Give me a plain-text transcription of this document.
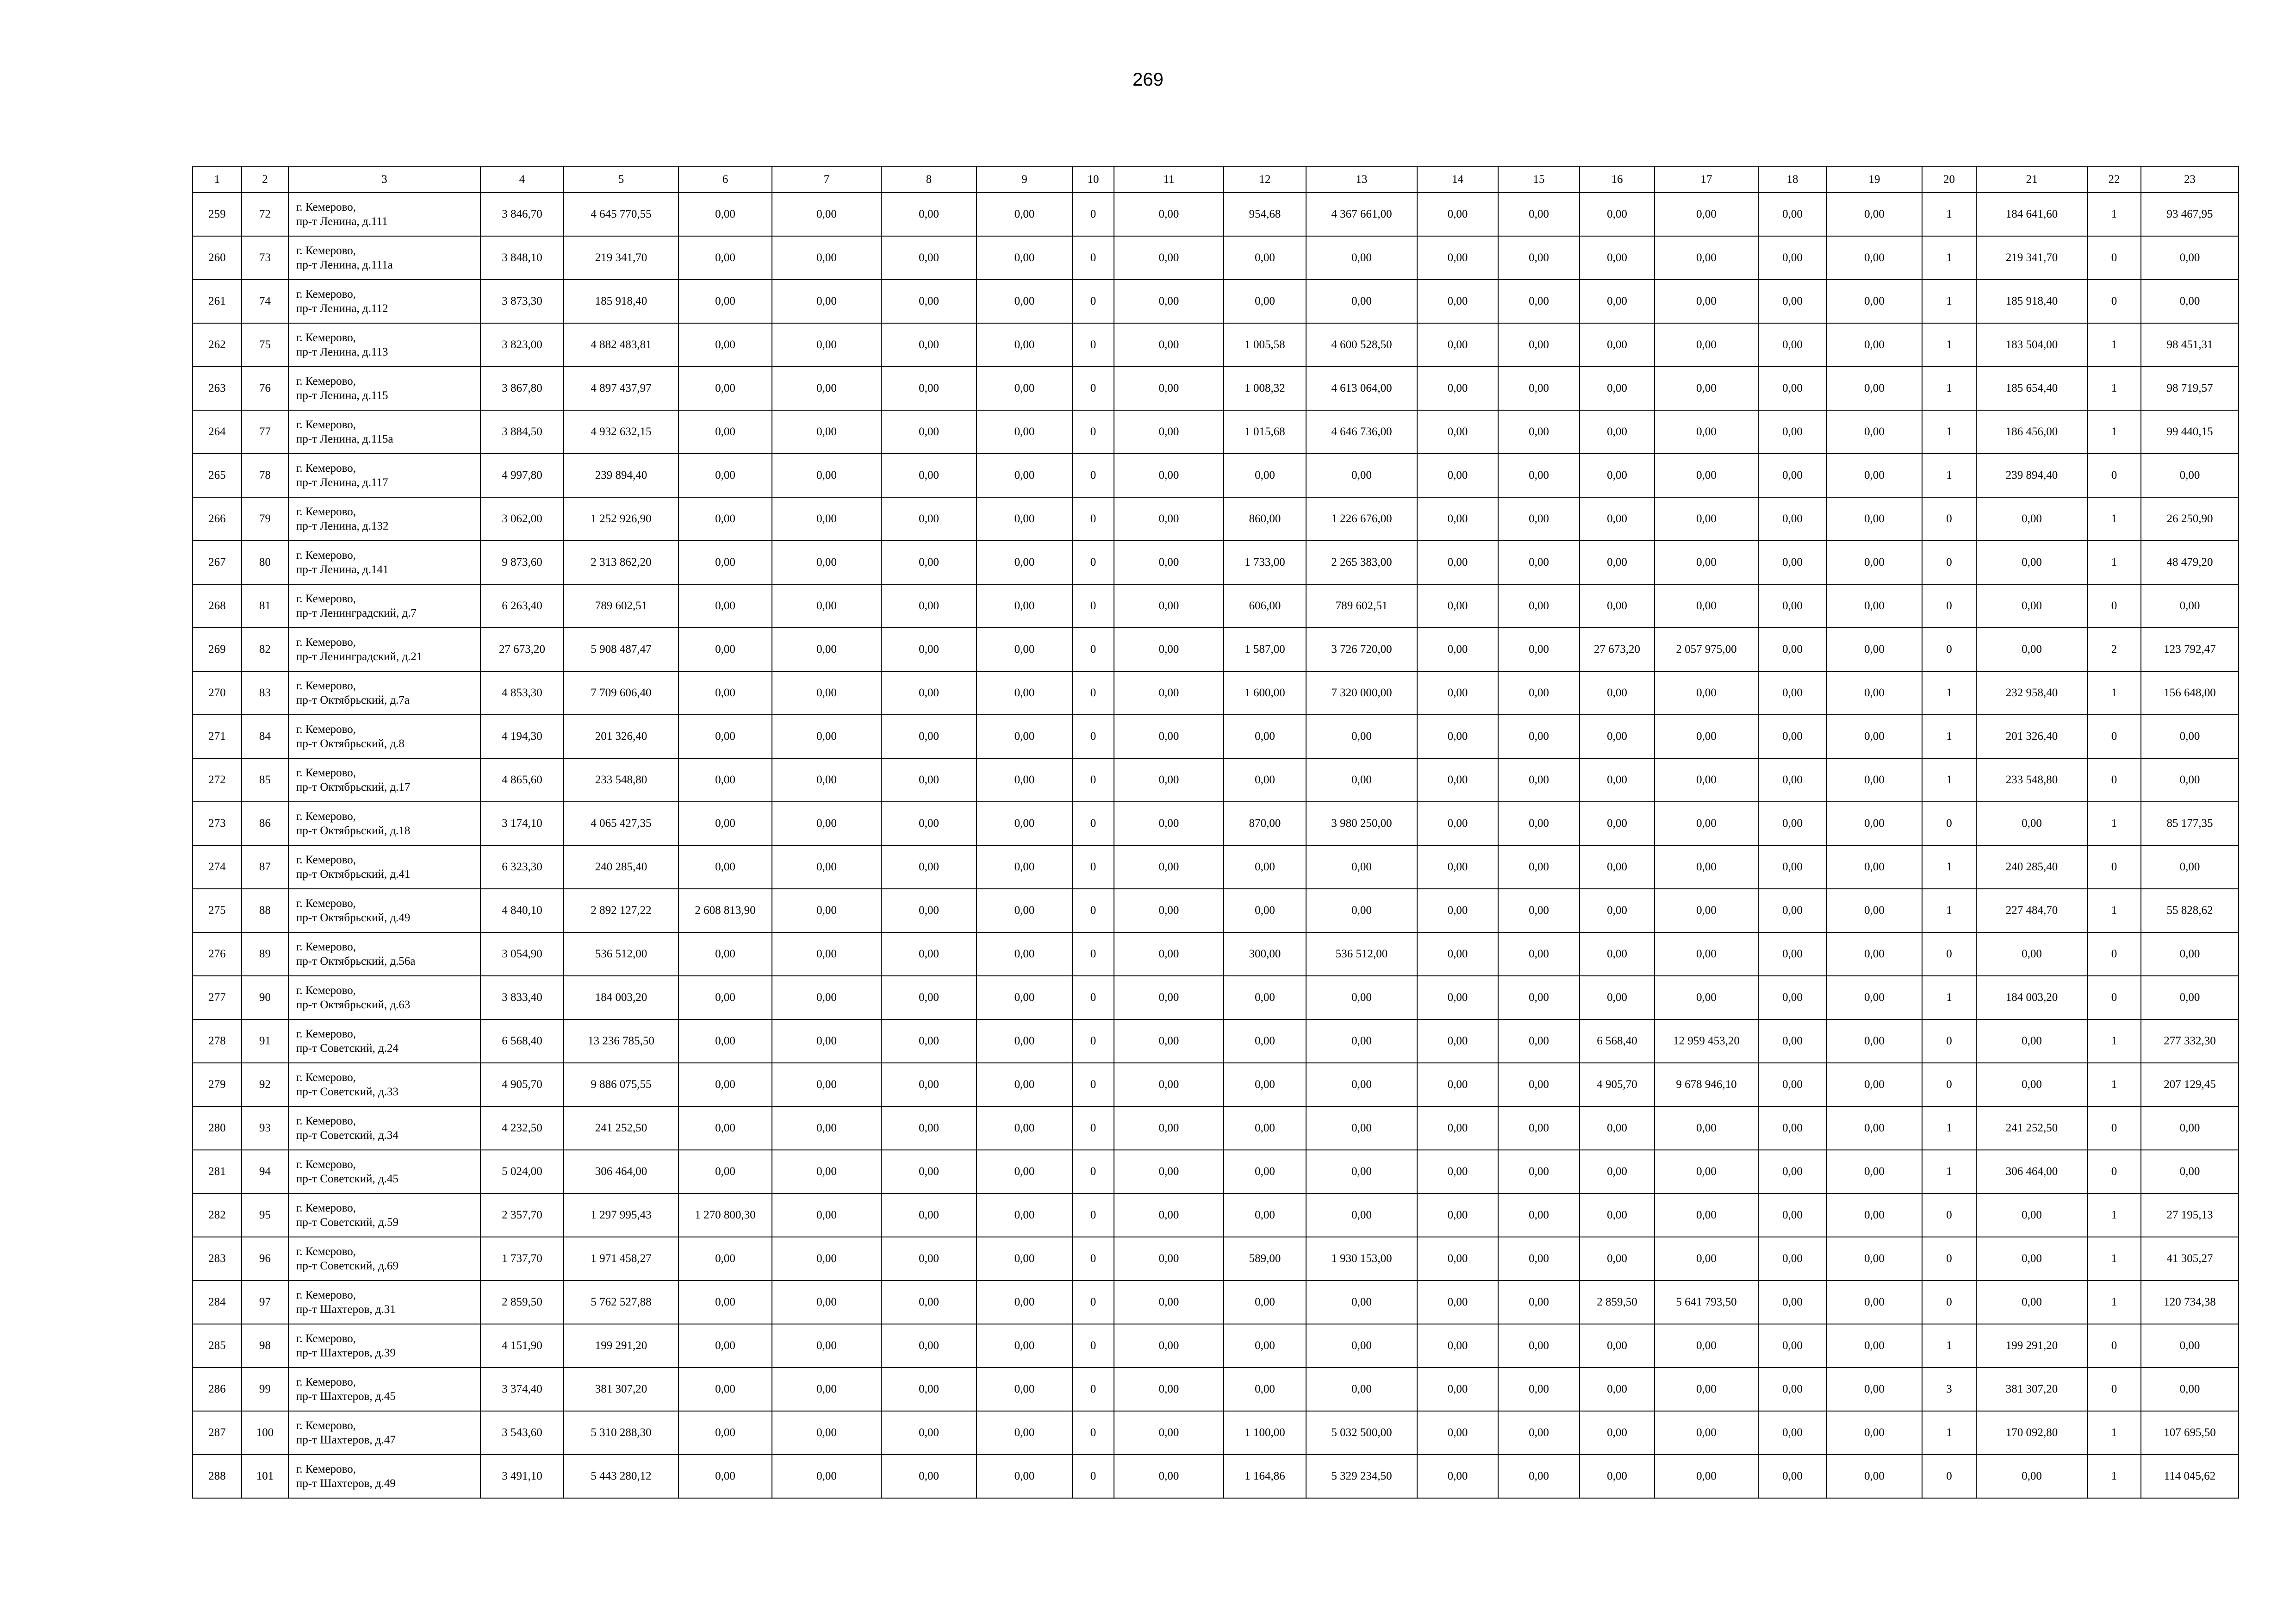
269
1	2	3	4	5	6	7	8	9	10	11	12	13	14	15	16	17	18	19	20	21	22	23
259	72	г. Кемерово,
пр-т Ленина, д.111	3 846,70	4 645 770,55	0,00	0,00	0,00	0,00	0	0,00	954,68	4 367 661,00	0,00	0,00	0,00	0,00	0,00	0,00	1	184 641,60	1	93 467,95
260	73	г. Кемерово,
пр-т Ленина, д.111а	3 848,10	219 341,70	0,00	0,00	0,00	0,00	0	0,00	0,00	0,00	0,00	0,00	0,00	0,00	0,00	0,00	1	219 341,70	0	0,00
261	74	г. Кемерово,
пр-т Ленина, д.112	3 873,30	185 918,40	0,00	0,00	0,00	0,00	0	0,00	0,00	0,00	0,00	0,00	0,00	0,00	0,00	0,00	1	185 918,40	0	0,00
262	75	г. Кемерово,
пр-т Ленина, д.113	3 823,00	4 882 483,81	0,00	0,00	0,00	0,00	0	0,00	1 005,58	4 600 528,50	0,00	0,00	0,00	0,00	0,00	0,00	1	183 504,00	1	98 451,31
263	76	г. Кемерово,
пр-т Ленина, д.115	3 867,80	4 897 437,97	0,00	0,00	0,00	0,00	0	0,00	1 008,32	4 613 064,00	0,00	0,00	0,00	0,00	0,00	0,00	1	185 654,40	1	98 719,57
264	77	г. Кемерово,
пр-т Ленина, д.115а	3 884,50	4 932 632,15	0,00	0,00	0,00	0,00	0	0,00	1 015,68	4 646 736,00	0,00	0,00	0,00	0,00	0,00	0,00	1	186 456,00	1	99 440,15
265	78	г. Кемерово,
пр-т Ленина, д.117	4 997,80	239 894,40	0,00	0,00	0,00	0,00	0	0,00	0,00	0,00	0,00	0,00	0,00	0,00	0,00	0,00	1	239 894,40	0	0,00
266	79	г. Кемерово,
пр-т Ленина, д.132	3 062,00	1 252 926,90	0,00	0,00	0,00	0,00	0	0,00	860,00	1 226 676,00	0,00	0,00	0,00	0,00	0,00	0,00	0	0,00	1	26 250,90
267	80	г. Кемерово,
пр-т Ленина, д.141	9 873,60	2 313 862,20	0,00	0,00	0,00	0,00	0	0,00	1 733,00	2 265 383,00	0,00	0,00	0,00	0,00	0,00	0,00	0	0,00	1	48 479,20
268	81	г. Кемерово,
пр-т Ленинградский, д.7	6 263,40	789 602,51	0,00	0,00	0,00	0,00	0	0,00	606,00	789 602,51	0,00	0,00	0,00	0,00	0,00	0,00	0	0,00	0	0,00
269	82	г. Кемерово,
пр-т Ленинградский, д.21	27 673,20	5 908 487,47	0,00	0,00	0,00	0,00	0	0,00	1 587,00	3 726 720,00	0,00	0,00	27 673,20	2 057 975,00	0,00	0,00	0	0,00	2	123 792,47
270	83	г. Кемерово,
пр-т Октябрьский, д.7а	4 853,30	7 709 606,40	0,00	0,00	0,00	0,00	0	0,00	1 600,00	7 320 000,00	0,00	0,00	0,00	0,00	0,00	0,00	1	232 958,40	1	156 648,00
271	84	г. Кемерово,
пр-т Октябрьский, д.8	4 194,30	201 326,40	0,00	0,00	0,00	0,00	0	0,00	0,00	0,00	0,00	0,00	0,00	0,00	0,00	0,00	1	201 326,40	0	0,00
272	85	г. Кемерово,
пр-т Октябрьский, д.17	4 865,60	233 548,80	0,00	0,00	0,00	0,00	0	0,00	0,00	0,00	0,00	0,00	0,00	0,00	0,00	0,00	1	233 548,80	0	0,00
273	86	г. Кемерово,
пр-т Октябрьский, д.18	3 174,10	4 065 427,35	0,00	0,00	0,00	0,00	0	0,00	870,00	3 980 250,00	0,00	0,00	0,00	0,00	0,00	0,00	0	0,00	1	85 177,35
274	87	г. Кемерово,
пр-т Октябрьский, д.41	6 323,30	240 285,40	0,00	0,00	0,00	0,00	0	0,00	0,00	0,00	0,00	0,00	0,00	0,00	0,00	0,00	1	240 285,40	0	0,00
275	88	г. Кемерово,
пр-т Октябрьский, д.49	4 840,10	2 892 127,22	2 608 813,90	0,00	0,00	0,00	0	0,00	0,00	0,00	0,00	0,00	0,00	0,00	0,00	0,00	1	227 484,70	1	55 828,62
276	89	г. Кемерово,
пр-т Октябрьский, д.56а	3 054,90	536 512,00	0,00	0,00	0,00	0,00	0	0,00	300,00	536 512,00	0,00	0,00	0,00	0,00	0,00	0,00	0	0,00	0	0,00
277	90	г. Кемерово,
пр-т Октябрьский, д.63	3 833,40	184 003,20	0,00	0,00	0,00	0,00	0	0,00	0,00	0,00	0,00	0,00	0,00	0,00	0,00	0,00	1	184 003,20	0	0,00
278	91	г. Кемерово,
пр-т Советский, д.24	6 568,40	13 236 785,50	0,00	0,00	0,00	0,00	0	0,00	0,00	0,00	0,00	0,00	6 568,40	12 959 453,20	0,00	0,00	0	0,00	1	277 332,30
279	92	г. Кемерово,
пр-т Советский, д.33	4 905,70	9 886 075,55	0,00	0,00	0,00	0,00	0	0,00	0,00	0,00	0,00	0,00	4 905,70	9 678 946,10	0,00	0,00	0	0,00	1	207 129,45
280	93	г. Кемерово,
пр-т Советский, д.34	4 232,50	241 252,50	0,00	0,00	0,00	0,00	0	0,00	0,00	0,00	0,00	0,00	0,00	0,00	0,00	0,00	1	241 252,50	0	0,00
281	94	г. Кемерово,
пр-т Советский, д.45	5 024,00	306 464,00	0,00	0,00	0,00	0,00	0	0,00	0,00	0,00	0,00	0,00	0,00	0,00	0,00	0,00	1	306 464,00	0	0,00
282	95	г. Кемерово,
пр-т Советский, д.59	2 357,70	1 297 995,43	1 270 800,30	0,00	0,00	0,00	0	0,00	0,00	0,00	0,00	0,00	0,00	0,00	0,00	0,00	0	0,00	1	27 195,13
283	96	г. Кемерово,
пр-т Советский, д.69	1 737,70	1 971 458,27	0,00	0,00	0,00	0,00	0	0,00	589,00	1 930 153,00	0,00	0,00	0,00	0,00	0,00	0,00	0	0,00	1	41 305,27
284	97	г. Кемерово,
пр-т Шахтеров, д.31	2 859,50	5 762 527,88	0,00	0,00	0,00	0,00	0	0,00	0,00	0,00	0,00	0,00	2 859,50	5 641 793,50	0,00	0,00	0	0,00	1	120 734,38
285	98	г. Кемерово,
пр-т Шахтеров, д.39	4 151,90	199 291,20	0,00	0,00	0,00	0,00	0	0,00	0,00	0,00	0,00	0,00	0,00	0,00	0,00	0,00	1	199 291,20	0	0,00
286	99	г. Кемерово,
пр-т Шахтеров, д.45	3 374,40	381 307,20	0,00	0,00	0,00	0,00	0	0,00	0,00	0,00	0,00	0,00	0,00	0,00	0,00	0,00	3	381 307,20	0	0,00
287	100	г. Кемерово,
пр-т Шахтеров, д.47	3 543,60	5 310 288,30	0,00	0,00	0,00	0,00	0	0,00	1 100,00	5 032 500,00	0,00	0,00	0,00	0,00	0,00	0,00	1	170 092,80	1	107 695,50
288	101	г. Кемерово,
пр-т Шахтеров, д.49	3 491,10	5 443 280,12	0,00	0,00	0,00	0,00	0	0,00	1 164,86	5 329 234,50	0,00	0,00	0,00	0,00	0,00	0,00	0	0,00	1	114 045,62
